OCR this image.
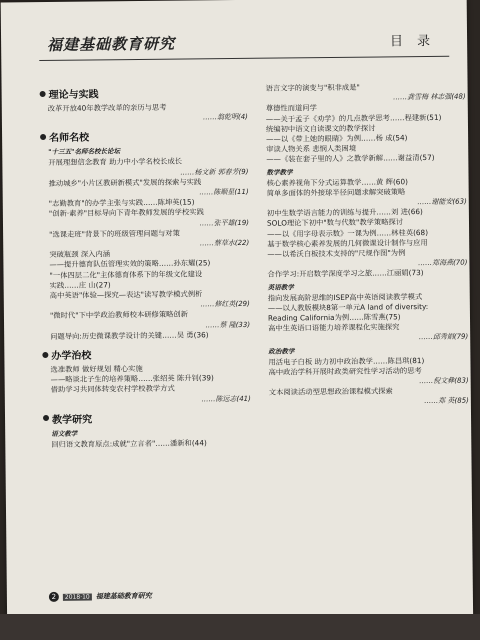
福建基础教育研究	目 录
理论与实践
改革开放40年教学改革的亲历与思考
……翁乾明(4)
名师名校
"十三五"名师名校长论坛
开展理想信念教育 助力中小学名校长成长
……杨文新 郭春芳(9)
推动城乡"小片区教研新模式"发展的探索与实践
……陈顺星(11)
"志勤教育"的办学主张与实践……陈坤英(15)
"创新·素养"目标导向下青年教师发展的学校实践
……张平雄(19)
"选课走班"背景下的班级管理问题与对策
……蔡草水(22)
突破瓶颈 深入内涵
——提升德育队伍管理实效的策略……孙东耀(25)
"一体四层二化"主体德育体系下的年级文化建设
实践……庄 山(27)
高中英语"体验—探究—表达"读写教学模式例析
……修红英(29)
"微时代"下中学政治教师校本研修策略创新
……蔡 隆(33)
问题导向:历史微课教学设计的关键……吴 勇(36)
办学治校
选准教师 做好规划 精心实施
——略谈北子生的培养策略……张绍英 陈升钊(39)
借助学习共同体转变农村学校教学方式
……陈远志(41)
教学研究
语文教学
回归语文教育原点:成就"立言者"……潘新和(44)
语言文字的演变与"积非成是"
……龚雪梅 林志强(48)
尊德性而道问学
——关于孟子《劝学》的几点教学思考……程建新(51)
统编初中语文自读课文的教学探讨
——以《带上她的眼睛》为例……杨 成(54)
审读人物关系 悲悯人类困境
——《装在套子里的人》之教学新解……谢益清(57)
数学教学
核心素养视角下分式运算教学……黄 辉(60)
简单多面体的外接球半径问题求解突破策略
……谢能安(63)
初中生数学语言能力的训练与提升……刘 进(66)
SOLO理论下初中"数与代数"教学策略探讨
——以《用字母表示数》一课为例……林桂英(68)
基于数学核心素养发展的几何微课设计制作与应用
——以希沃白板技术支持的"尺规作图"为例
……郑海燕(70)
合作学习:开启数学深度学习之旅……江丽娟(73)
英语教学
指向发展高阶思维的ISEP高中英语阅读教学模式
——以人教版模块8第一单元A land of diversity:
Reading California为例……陈雪燕(75)
高中生英语口语能力培养课程化实施探究
……邱秀娟(79)
政治教学
用活电子白板 助力初中政治教学……陈昌琪(81)
高中政治学科开展时政类研究性学习活动的思考
……倪文彝(83)
文本阅读活动型思想政治课程模式探索
……郑 英(85)
2	2018·10 福建基础教育研究
